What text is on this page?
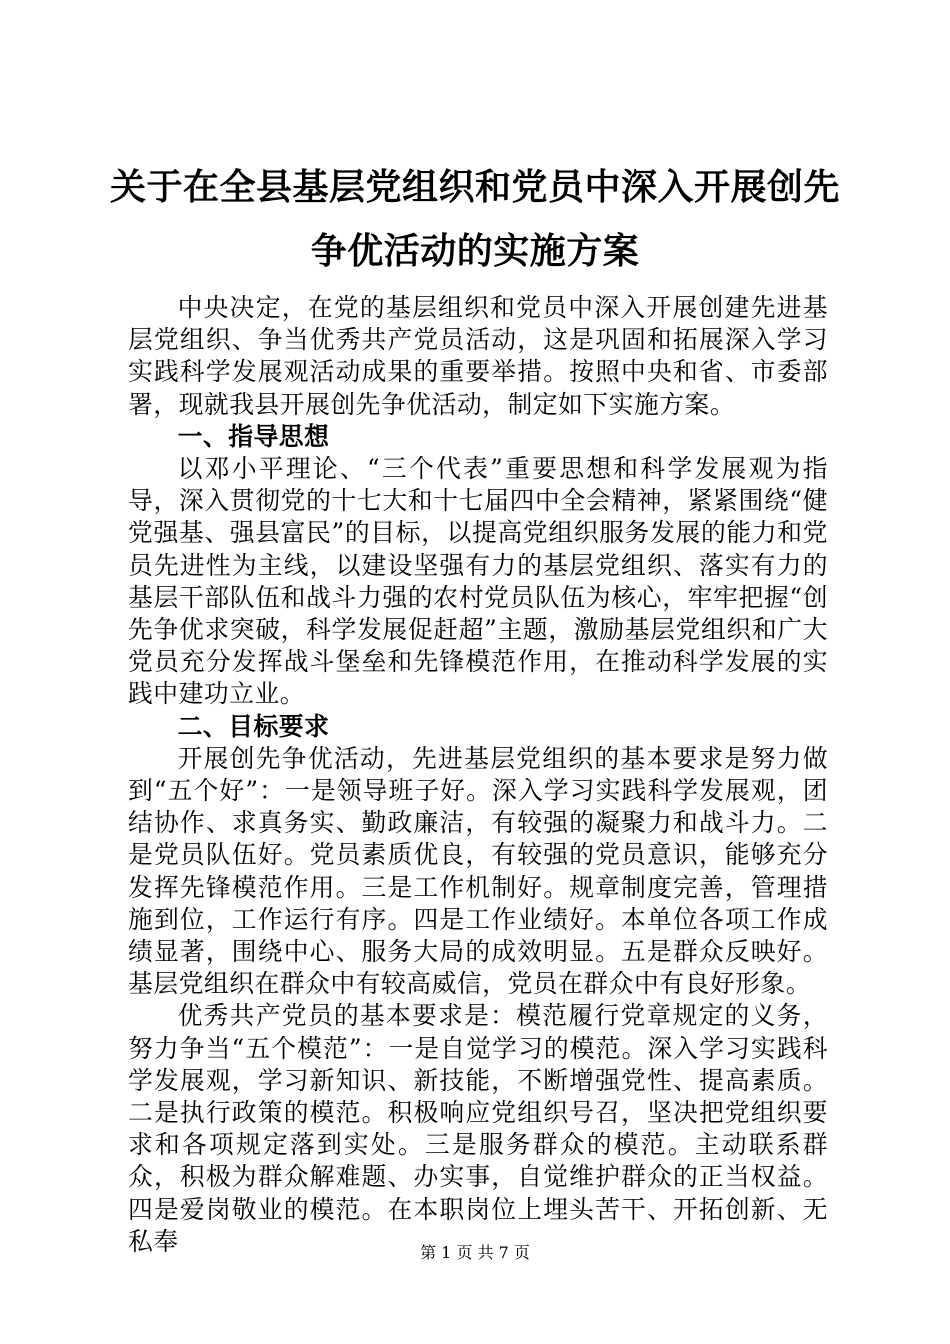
关于在全县基层党组织和党员中深入开展创先
争优活动的实施方案

中央决定，在党的基层组织和党员中深入开展创建先进基层党组织、争当优秀共产党员活动，这是巩固和拓展深入学习实践科学发展观活动成果的重要举措。按照中央和省、市委部署，现就我县开展创先争优活动，制定如下实施方案。

一、指导思想

以邓小平理论、“三个代表”重要思想和科学发展观为指导，深入贯彻党的十七大和十七届四中全会精神，紧紧围绕“健党强基、强县富民”的目标，以提高党组织服务发展的能力和党员先进性为主线，以建设坚强有力的基层党组织、落实有力的基层干部队伍和战斗力强的农村党员队伍为核心，牢牢把握“创先争优求突破，科学发展促赶超”主题，激励基层党组织和广大党员充分发挥战斗堡垒和先锋模范作用，在推动科学发展的实践中建功立业。

二、目标要求

开展创先争优活动，先进基层党组织的基本要求是努力做到“五个好”：一是领导班子好。深入学习实践科学发展观，团结协作、求真务实、勤政廉洁，有较强的凝聚力和战斗力。二是党员队伍好。党员素质优良，有较强的党员意识，能够充分发挥先锋模范作用。三是工作机制好。规章制度完善，管理措施到位，工作运行有序。四是工作业绩好。本单位各项工作成绩显著，围绕中心、服务大局的成效明显。五是群众反映好。基层党组织在群众中有较高威信，党员在群众中有良好形象。

优秀共产党员的基本要求是：模范履行党章规定的义务，努力争当“五个模范”：一是自觉学习的模范。深入学习实践科学发展观，学习新知识、新技能，不断增强党性、提高素质。二是执行政策的模范。积极响应党组织号召，坚决把党组织要求和各项规定落到实处。三是服务群众的模范。主动联系群众，积极为群众解难题、办实事，自觉维护群众的正当权益。四是爱岗敬业的模范。在本职岗位上埋头苦干、开拓创新、无私奉	第 1 页 共 7 页
